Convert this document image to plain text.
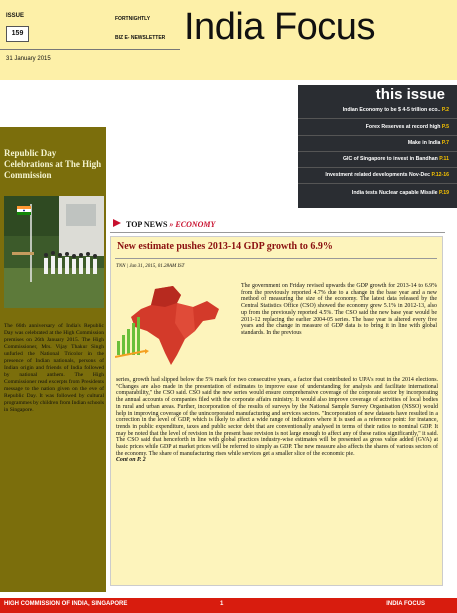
ISSUE
159
FORTNIGHTLY
BIZ E- NEWSLETTER
31 January 2015
India Focus
this issue
Indian Economy to be $ 4-5 trillion eco.. P.2
Forex Reserves at record high P.5
Make in India P.7
GIC of Singapore to invest in Bandhan P.11
Investment related developments Nov-Dec P.12-16
India tests Nuclear capable Missile P.19
Republic Day Celebrations at The High Commission
The 66th anniversary of India's Republic Day was celebrated at the High Commission premises on 26th January 2015. The High Commissioner, Mrs. Vijay Thakur Singh unfurled the National Tricolor in the presence of Indian nationals, persons of Indian origin and friends of India followed by national anthem. The High Commissioner read excerpts from Presidents message to the nation given on the eve of Republic Day. It was followed by cultural programmes by children from Indian schools in Singapore.
TOP NEWS » ECONOMY
New estimate pushes 2013-14 GDP growth to 6.9%
TNN | Jan 31, 2015, 01.28AM IST
The government on Friday revised upwards the GDP growth for 2013-14 to 6.9% from the previously reported 4.7% due to a change in the base year and a new method of measuring the size of the economy. The latest data released by the Central Statistics Office (CSO) showed the economy grew 5.1% in 2012-13, also up from the previously reported 4.5%. The CSO said the new base year would be 2011-12 replacing the earlier 2004-05 series. The base year is altered every five years and the change in measure of GDP data is to bring it in line with global standards. In the previous
series, growth had slipped below the 5% mark for two consecutive years, a factor that contributed to UPA's rout in the 2014 elections. "Changes are also made in the presentation of estimates to improve ease of understanding for analysis and facilitate international comparability," the CSO said. CSO said the new series would ensure comprehensive coverage of the corporate sector by incorporating the annual accounts of companies filed with the corporate affairs ministry. It would also improve coverage of activities of local bodies in rural and urban areas. Further, incorporation of the results of surveys by the National Sample Survey Organisation (NSSO) would help in improving coverage of the unincorporated manufacturing and services sectors. "Incorporation of new datasets have resulted in a correction in the level of GDP, which is likely to affect a wide range of indicators where it is used as a reference point: for instance, trends in public expenditure, taxes and public sector debt that are conventionally analysed in terms of their ratios to nominal GDP. It may be noted that the level of revision in the present base revision is not large enough to affect any of these ratios significantly," it said. The CSO said that henceforth in line with global practices industry-wise estimates will be presented as gross value added (GVA) at basic prices while GDP at market prices will be referred to simply as GDP. The new measure also affects the shares of various sectors of the economy. The share of manufacturing rises while services get a smaller slice of the economic pie.
Cont on P. 2
HIGH COMMISSION OF INDIA, SINGAPORE	1	INDIA FOCUS
